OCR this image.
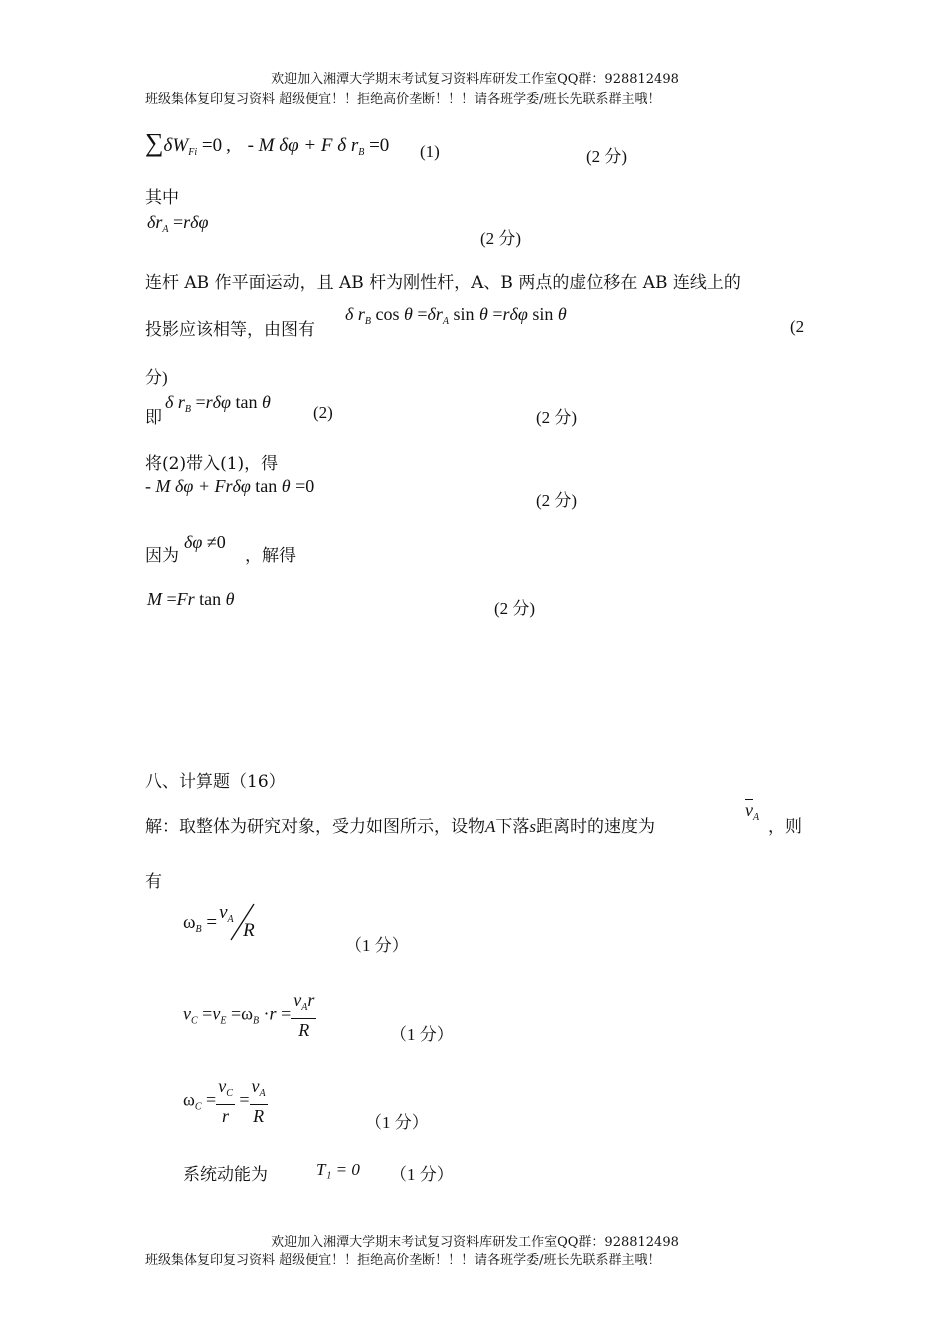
欢迎加入湘潭大学期末考试复习资料库研发工作室QQ群：928812498
班级集体复印复习资料 超级便宜！！拒绝高价垄断！！！请各班学委/班长先联系群主哦！
$\sum\delta W_{Fi} =0$ , - M δφ + F δ $r_B =0$ (1)	(2 分)
其中
$\delta r_A =r\delta\varphi$
(2 分)
连杆 AB 作平面运动，且 AB 杆为刚性杆，A、B 两点的虚位移在 AB 连线上的
投影应该相等，由图有
δ $r_B$ $\cos \theta =\delta r_A$ sin θ =rδφ sin θ
(2
分)
即
δ $r_B =r\delta\varphi$ tan θ
(2)	(2 分)
将(2)带入(1)，得
- M δφ + Frδφ tan θ =0
(2 分)
因为
δφ ≠0
，解得
M =Fr tan θ	(2 分)
八、计算题（16）
解：取整体为研究对象，受力如图所示，设物A下落s距离时的速度为
$\overline{v}_A$ ，则
有
$\omega_B = v_A$
R
（1 分）
$v_C =v_E =\omega_B \cdot r = \frac{v_Ar}{R}$	（1 分）
$\omega_C = \frac{v_C}{r} = \frac{v_A}{R}$	（1 分）
系统动能为	T₁ = 0 （1 分）
欢迎加入湘潭大学期末考试复习资料库研发工作室QQ群：928812498
班级集体复印复习资料 超级便宜！！拒绝高价垄断！！！请各班学委/班长先联系群主哦！
